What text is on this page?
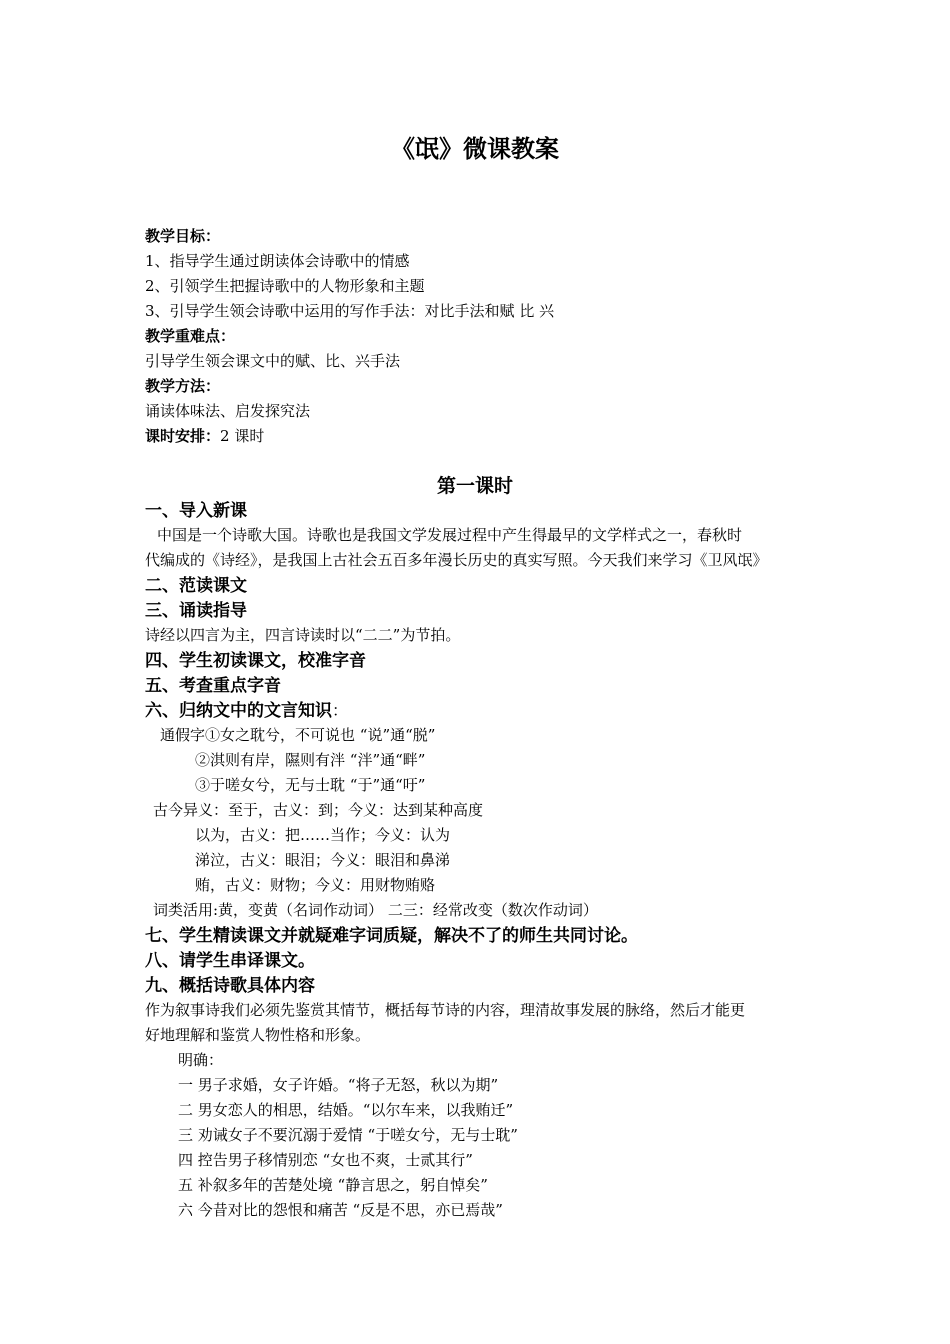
《氓》微课教案
教学目标：
1、指导学生通过朗读体会诗歌中的情感
2、引领学生把握诗歌中的人物形象和主题
3、引导学生领会诗歌中运用的写作手法：对比手法和赋 比 兴
教学重难点：
引导学生领会课文中的赋、比、兴手法
教学方法：
诵读体味法、启发探究法
课时安排：2 课时
第一课时
一、导入新课
中国是一个诗歌大国。诗歌也是我国文学发展过程中产生得最早的文学样式之一，春秋时
代编成的《诗经》，是我国上古社会五百多年漫长历史的真实写照。今天我们来学习《卫风氓》
二、范读课文
三、诵读指导
诗经以四言为主，四言诗读时以“二二”为节拍。
四、学生初读课文，校准字音
五、考查重点字音
六、归纳文中的文言知识：
通假字①女之耽兮，不可说也 “说”通“脱”
②淇则有岸，隰则有泮 “泮”通“畔”
③于嗟女兮，无与士耽 “于”通“吁”
古今异义：至于，古义：到；今义：达到某种高度
以为，古义：把……当作；今义：认为
涕泣，古义：眼泪；今义：眼泪和鼻涕
贿，古义：财物；今义：用财物贿赂
词类活用:黄，变黄（名词作动词） 二三：经常改变（数次作动词）
七、学生精读课文并就疑难字词质疑，解决不了的师生共同讨论。
八、请学生串译课文。
九、概括诗歌具体内容
作为叙事诗我们必须先鉴赏其情节，概括每节诗的内容，理清故事发展的脉络，然后才能更
好地理解和鉴赏人物性格和形象。
明确：
一 男子求婚，女子许婚。“将子无怒，秋以为期”
二 男女恋人的相思，结婚。“以尔车来，以我贿迁”
三 劝诫女子不要沉溺于爱情 “于嗟女兮，无与士耽”
四 控告男子移情别恋 “女也不爽，士贰其行”
五 补叙多年的苦楚处境 “静言思之，躬自悼矣”
六 今昔对比的怨恨和痛苦 “反是不思，亦已焉哉”
